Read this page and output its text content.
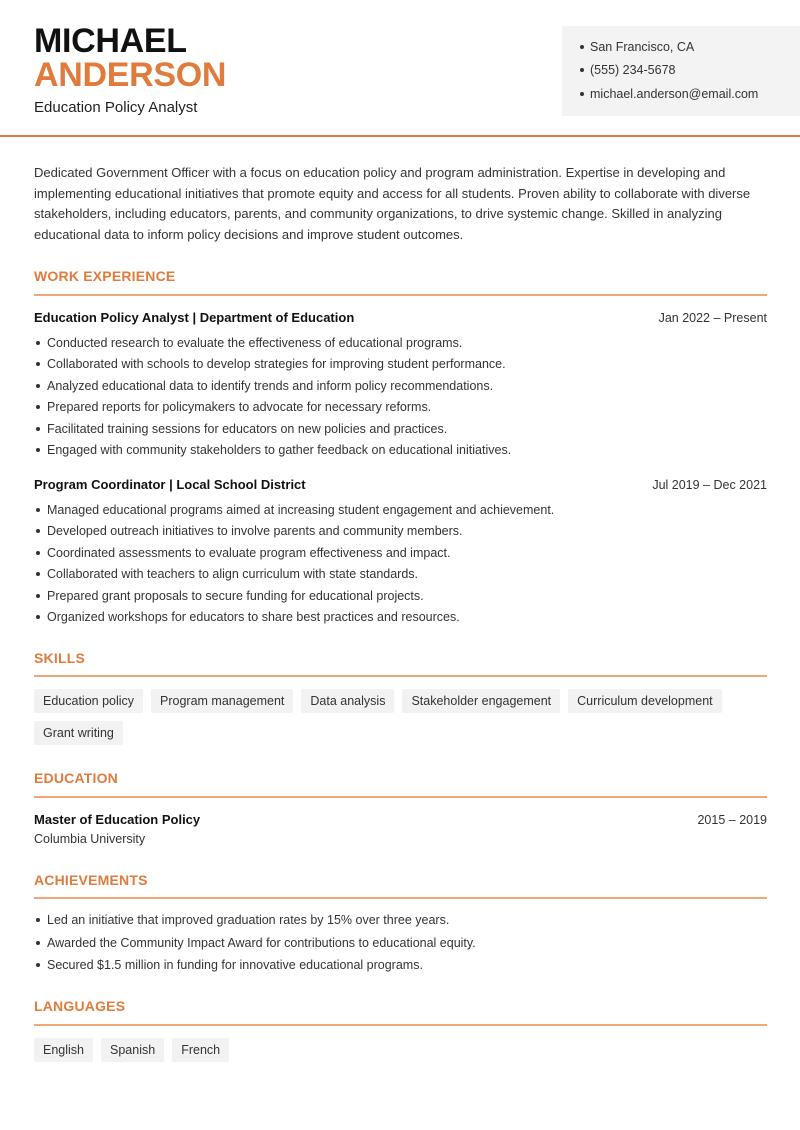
MICHAEL
ANDERSON
Education Policy Analyst
San Francisco, CA
(555) 234-5678
michael.anderson@email.com

Dedicated Government Officer with a focus on education policy and program administration. Expertise in developing and implementing educational initiatives that promote equity and access for all students. Proven ability to collaborate with diverse stakeholders, including educators, parents, and community organizations, to drive systemic change. Skilled in analyzing educational data to inform policy decisions and improve student outcomes.

WORK EXPERIENCE
Education Policy Analyst | Department of Education	Jan 2022 – Present
Conducted research to evaluate the effectiveness of educational programs.
Collaborated with schools to develop strategies for improving student performance.
Analyzed educational data to identify trends and inform policy recommendations.
Prepared reports for policymakers to advocate for necessary reforms.
Facilitated training sessions for educators on new policies and practices.
Engaged with community stakeholders to gather feedback on educational initiatives.
Program Coordinator | Local School District	Jul 2019 – Dec 2021
Managed educational programs aimed at increasing student engagement and achievement.
Developed outreach initiatives to involve parents and community members.
Coordinated assessments to evaluate program effectiveness and impact.
Collaborated with teachers to align curriculum with state standards.
Prepared grant proposals to secure funding for educational projects.
Organized workshops for educators to share best practices and resources.
SKILLS
Education policy	Program management	Data analysis	Stakeholder engagement	Curriculum development
Grant writing
EDUCATION
Master of Education Policy	2015 – 2019
Columbia University
ACHIEVEMENTS
Led an initiative that improved graduation rates by 15% over three years.
Awarded the Community Impact Award for contributions to educational equity.
Secured $1.5 million in funding for innovative educational programs.
LANGUAGES
English	Spanish	French
